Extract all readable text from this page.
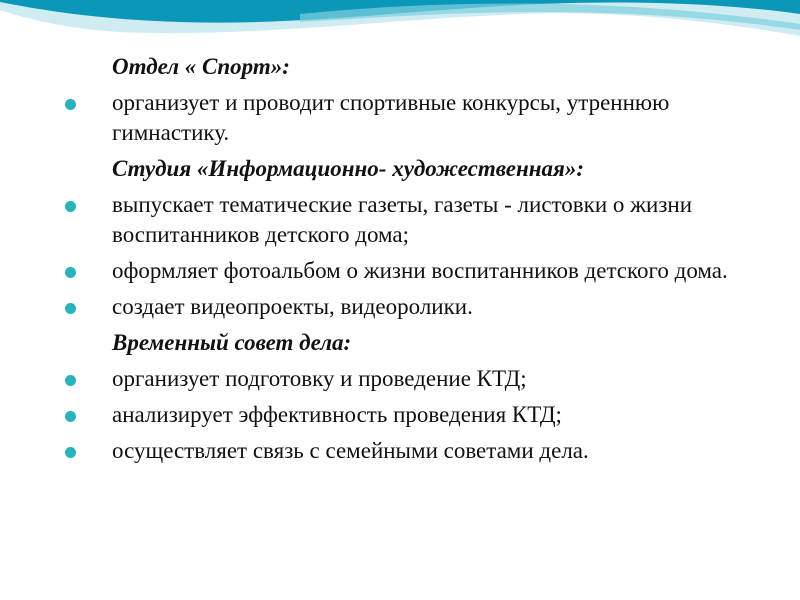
Отдел « Спорт»:
организует и проводит спортивные конкурсы, утреннюю гимнастику.
Студия «Информационно- художественная»:
выпускает тематические газеты, газеты - листовки о жизни воспитанников детского дома;
оформляет фотоальбом о жизни воспитанников детского дома.
создает видеопроекты, видеоролики.
Временный совет дела:
организует подготовку и проведение КТД;
анализирует эффективность проведения КТД;
осуществляет связь с семейными советами дела.
